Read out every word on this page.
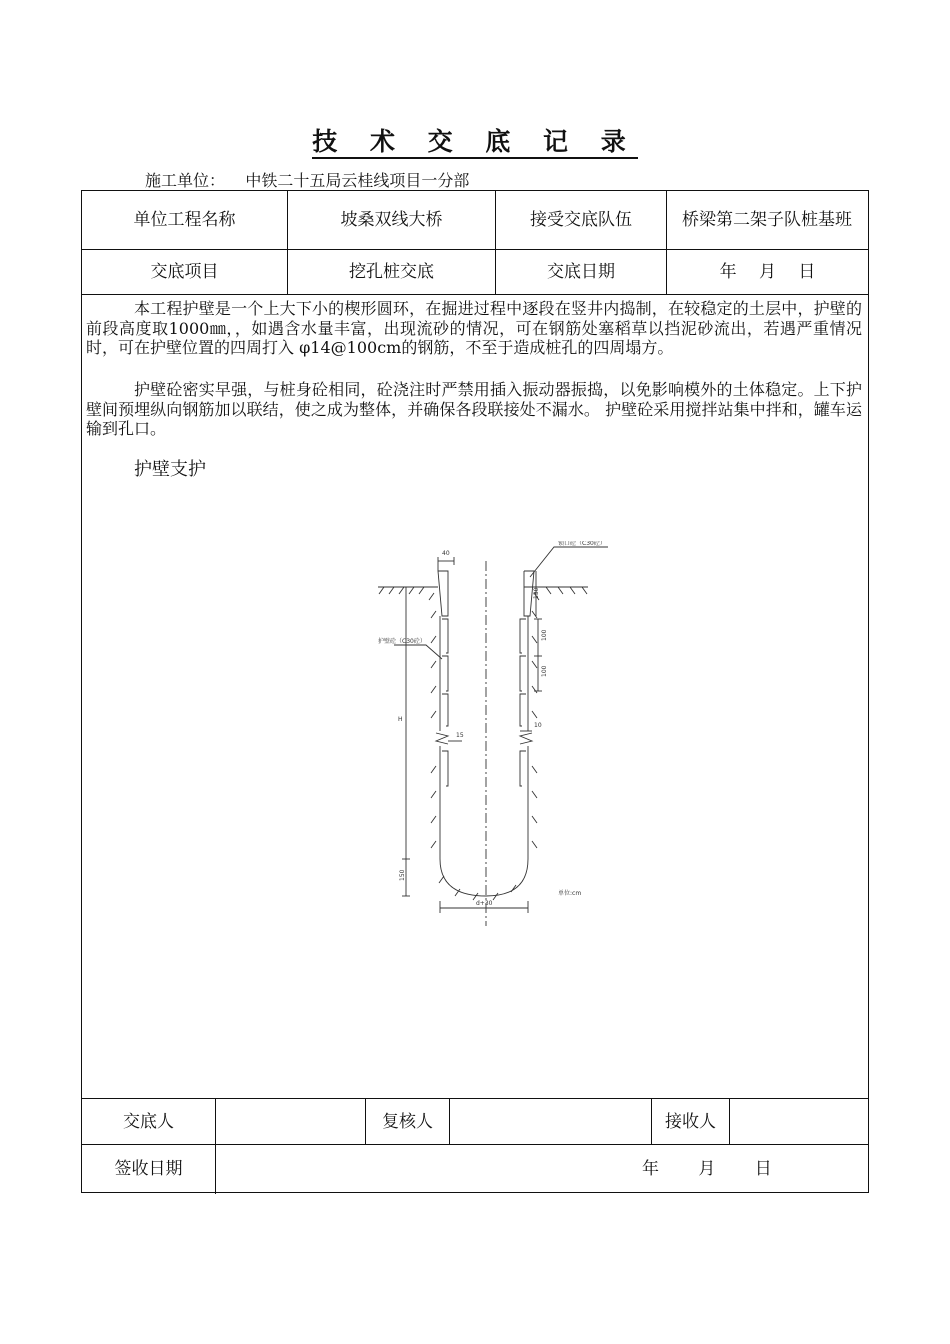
技 术 交 底 记 录
施工单位： 中铁二十五局云桂线项目一分部
单位工程名称	坡桑双线大桥	接受交底队伍	桥梁第二架子队桩基班
交底项目	挖孔桩交底	交底日期	年　 月　 日
本工程护壁是一个上大下小的楔形圆环，在掘进过程中逐段在竖井内捣制，在较稳定的土层中，护壁的前段高度取1000㎜，，如遇含水量丰富，出现流砂的情况，可在钢筋处塞稻草以挡泥砂流出，若遇严重情况时，可在护壁位置的四周打入 φ14@100cm的钢筋，不至于造成桩孔的四周塌方。
护壁砼密实早强，与桩身砼相同，砼浇注时严禁用插入振动器振捣，以免影响模外的土体稳定。上下护壁间预埋纵向钢筋加以联结，使之成为整体，并确保各段联接处不漏水。 护壁砼采用搅拌站集中拌和，罐车运输到孔口。
护壁支护
40
锁口砼（C30砼）
130
护壁砼（C30砼）
100
100
H
15
10
150
d+30
单位:cm
交底人	复核人	接收人
签收日期	年　　 月　　 日
